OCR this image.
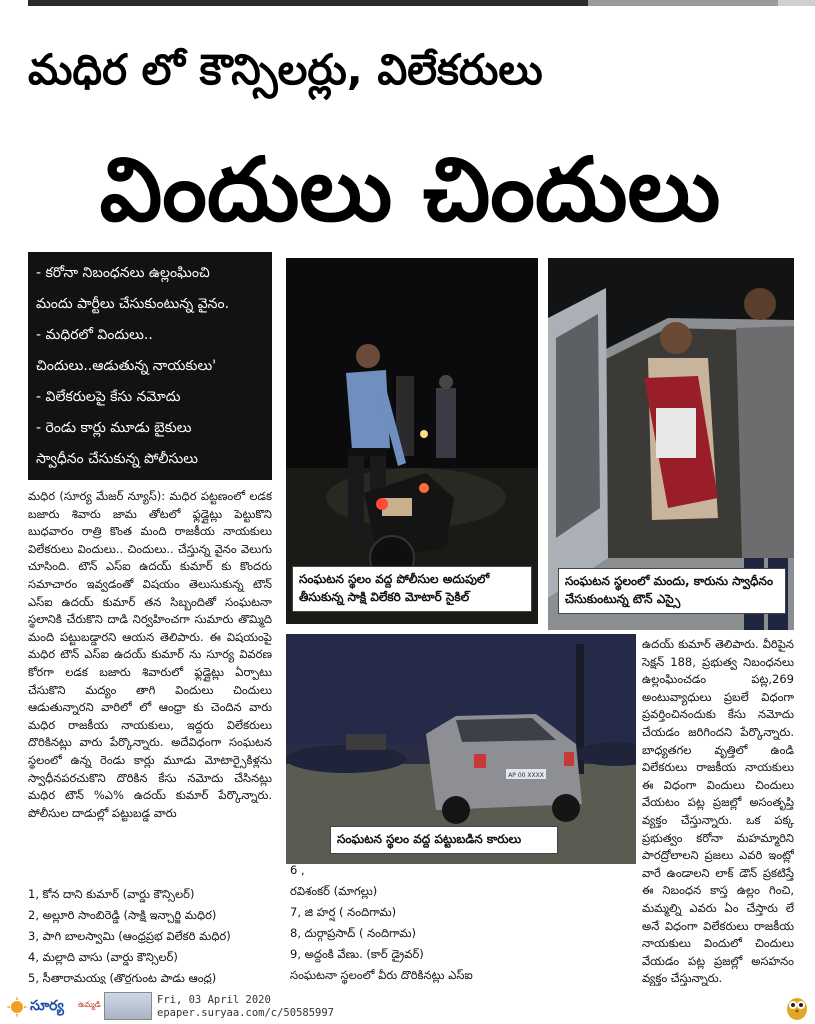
మధిర లో కౌన్సిలర్లు, విలేకరులు
విందులు చిందులు
- కరోనా నిబంధనలు ఉల్లంఘించి
మందు పార్టీలు చేసుకుంటున్న వైనం.
- మధిరలో విందులు..
చిందులు..ఆడుతున్న నాయకులు'
- విలేకరులపై కేసు నమోదు
- రెండు కార్లు మూడు బైకులు
స్వాధీనం చేసుకున్న పోలీసులు
సంఘటన స్థలం వద్ద పోలీసుల అదుపులో తీసుకున్న సాక్షి విలేకరి మోటార్ సైకిల్
సంఘటన స్థలంలో మందు, కారును స్వాధీనం చేసుకుంటున్న టౌన్ ఎస్సై
AP 00 XXXX
సంఘటన స్థలం వద్ద పట్టుబడిన కారులు
మధిర (సూర్య మేజర్ న్యూస్): మధిర పట్టణంలో లడక బజారు శివారు జామ తోటలో ఫ్లడ్లైట్లు పెట్టుకొని బుధవారం రాత్రి కొంత మంది రాజకీయ నాయకులు విలేకరులు విందులు.. చిందులు.. చేస్తున్న వైనం వెలుగు చూసింది. టౌన్ ఎస్ఐ ఉదయ్ కుమార్ కు కొందరు సమాచారం ఇవ్వడంతో విషయం తెలుసుకున్న టౌన్ ఎస్ఐ ఉదయ్ కుమార్ తన సిబ్బందితో సంఘటనా స్థలానికి చేరుకొని దాడి నిర్వహించగా సుమారు తొమ్మిది మంది పట్టుబడ్డారని ఆయన తెలిపారు. ఈ విషయంపై మధిర టౌన్ ఎస్ఐ ఉదయ్ కుమార్ ను సూర్య వివరణ కోరగా లడక బజారు శివారులో ఫ్లడ్లైట్లు ఏర్పాటు చేసుకొని మద్యం తాగి విందులు చిందులు ఆడుతున్నారని వారిలో లో ఆంధ్రా కు చెందిన వారు మధిర రాజకీయ నాయకులు, ఇద్దరు విలేకరులు దొరికినట్లు వారు పేర్కొన్నారు. అదేవిధంగా సంఘటన స్థలంలో ఉన్న రెండు కార్లు మూడు మోటార్సైకిళ్లను స్వాధీనపరచుకొని దొరికిన కేసు నమోదు చేసినట్లు మధిర టౌన్ %ఎ% ఉదయ్ కుమార్ పేర్కొన్నారు. పోలీసుల దాడుల్లో పట్టుబడ్డ వారు
ఉదయ్ కుమార్ తెలిపారు. వీరిపైన సెక్షన్ 188, ప్రభుత్వ నిబంధనలు ఉల్లంఘించడం పట్ల,269 అంటువ్యాధులు ప్రబలే విధంగా ప్రవర్తించినందుకు కేసు నమోదు చేయడం జరిగిందని పేర్కొన్నారు. బాధ్యతగల వృత్తిలో ఉండి విలేకరులు రాజకీయ నాయకులు ఈ విధంగా విందులు చిందులు వేయటం పట్ల ప్రజల్లో అసంతృప్తి వ్యక్తం చేస్తున్నారు. ఒక పక్క ప్రభుత్వం కరోనా మహమ్మారిని పారద్రోలాలని ప్రజలు ఎవరి ఇంట్లో వారే ఉండాలని లాక్ డౌన్ ప్రకటిస్తే ఈ నిబంధన కాస్త ఉల్లం గించి, మమ్మల్ని ఎవరు ఏం చేస్తారు లే అనే విధంగా విలేకరులు రాజకీయ నాయకులు విందులో చిందులు వేయడం పట్ల ప్రజల్లో అసహనం వ్యక్తం చేస్తున్నారు.
1, కోన దాని కుమార్ (వార్డు కౌన్సిలర్)
2, అల్లూరి సాంబిరెడ్డి (సాక్షి ఇన్చార్జి మధిర)
3, పాగి బాలస్వామి (ఆంధ్రప్రభ విలేకరి మధిర)
4, మల్లాది వాసు (వార్డు కౌన్సిలర్)
5, సీతారామయ్య (తొర్లగుంట పాడు ఆంధ్ర)
6 ,
రవిశంకర్ (మాగల్లు)
7, జి హర్ష ( నందిగామ)
8, దుర్గాప్రసాద్ ( నందిగామ)
9, అద్దంకి వేణు. (కార్ డ్రైవర్)
సంఘటనా స్థలంలో వీరు దొరికినట్లు ఎస్ఐ
సూర్య ఉమ్మడి	Fri, 03 April 2020
epaper.suryaa.com/c/50585997
